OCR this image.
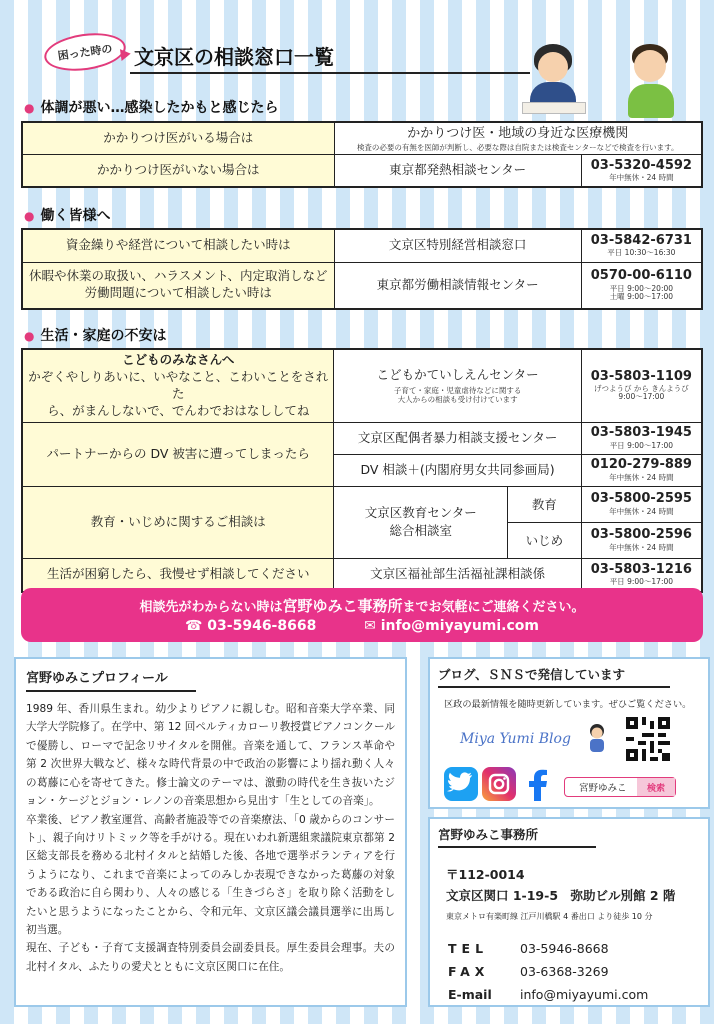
困った時の 文京区の相談窓口一覧
● 体調が悪い…感染したかもと感じたら
かかりつけ医がいる場合は	かかりつけ医・地域の身近な医療機関
検査の必要の有無を医師が判断し、必要な際は自院または検査センターなどで検査を行います。	

かかりつけ医がいない場合は	東京都発熱相談センター	03-5320-4592
年中無休・24 時間
● 働く皆様へ
資金繰りや経営について相談したい時は	文京区特別経営相談窓口	03-5842-6731
平日 10:30～16:30

休暇や休業の取扱い、ハラスメント、内定取消しなど
労働問題について相談したい時は	東京都労働相談情報センター	0570-00-6110
平日 9:00～20:00
土曜 9:00～17:00
● 生活・家庭の不安は
こどものみなさんへ
かぞくやしりあいに、いやなこと、こわいことをされた
ら、がまんしないで、でんわでおはなししてね	こどもかていしえんセンター
子育て・家庭・児童虐待などに関する
大人からの相談も受け付けています		03-5803-1109
げつようび から きんようび
9:00～17:00

パートナーからの DV 被害に遭ってしまったら	文京区配偶者暴力相談支援センター		03-5803-1945
平日 9:00～17:00

	DV 相談＋(内閣府男女共同参画局)		0120-279-889
年中無休・24 時間

教育・いじめに関するご相談は	文京区教育センター
総合相談室	教育	03-5800-2595
年中無休・24 時間

		いじめ	03-5800-2596
年中無休・24 時間

生活が困窮したら、我慢せず相談してください	文京区福祉部生活福祉課相談係		03-5803-1216
平日 9:00～17:00
相談先がわからない時は宮野ゆみこ事務所までお気軽にご連絡ください。
☎ 03-5946-8668	✉ info@miyayumi.com
宮野ゆみこプロフィール

1989 年、香川県生まれ。幼少よりピアノに親しむ。昭和音楽大学卒業、同大学大学院修了。在学中、第 12 回ペルティカローリ教授賞ピアノコンクールで優勝し、ローマで記念リサイタルを開催。音楽を通して、フランス革命や第 2 次世界大戦など、様々な時代背景の中で政治の影響により揺れ動く人々の葛藤に心を寄せてきた。修士論文のテーマは、激動の時代を生き抜いたジョン・ケージとジョン・レノンの音楽思想から見出す「生としての音楽」。

卒業後、ピアノ教室運営、高齢者施設等での音楽療法、「0 歳からのコンサート」、親子向けリトミック等を手がける。現在いわれ新選組衆議院東京都第 2 区総支部長を務める北村イタルと結婚した後、各地で選挙ボランティアを行うようになり、これまで音楽によってのみしか表現できなかった葛藤の対象である政治に自ら関わり、人々の感じる「生きづらさ」を取り除く活動をしたいと思うようになったことから、令和元年、文京区議会議員選挙に出馬し初当選。

現在、子ども・子育て支援調査特別委員会副委員長。厚生委員会理事。夫の北村イタル、ふたりの愛犬とともに文京区関口に在住。

ブログ、ＳＮＳで発信しています
区政の最新情報を随時更新しています。ぜひご覧ください。
Miya Yumi Blog
宮野ゆみこ	検索
宮野ゆみこ事務所
〒112-0014
文京区関口 1-19-5　弥助ビル別館 2 階
東京メトロ有楽町線 江戸川橋駅 4 番出口 より徒歩 10 分
TEL	03-5946-8668
FAX 03-6368-3269
E-mail info@miyayumi.com
